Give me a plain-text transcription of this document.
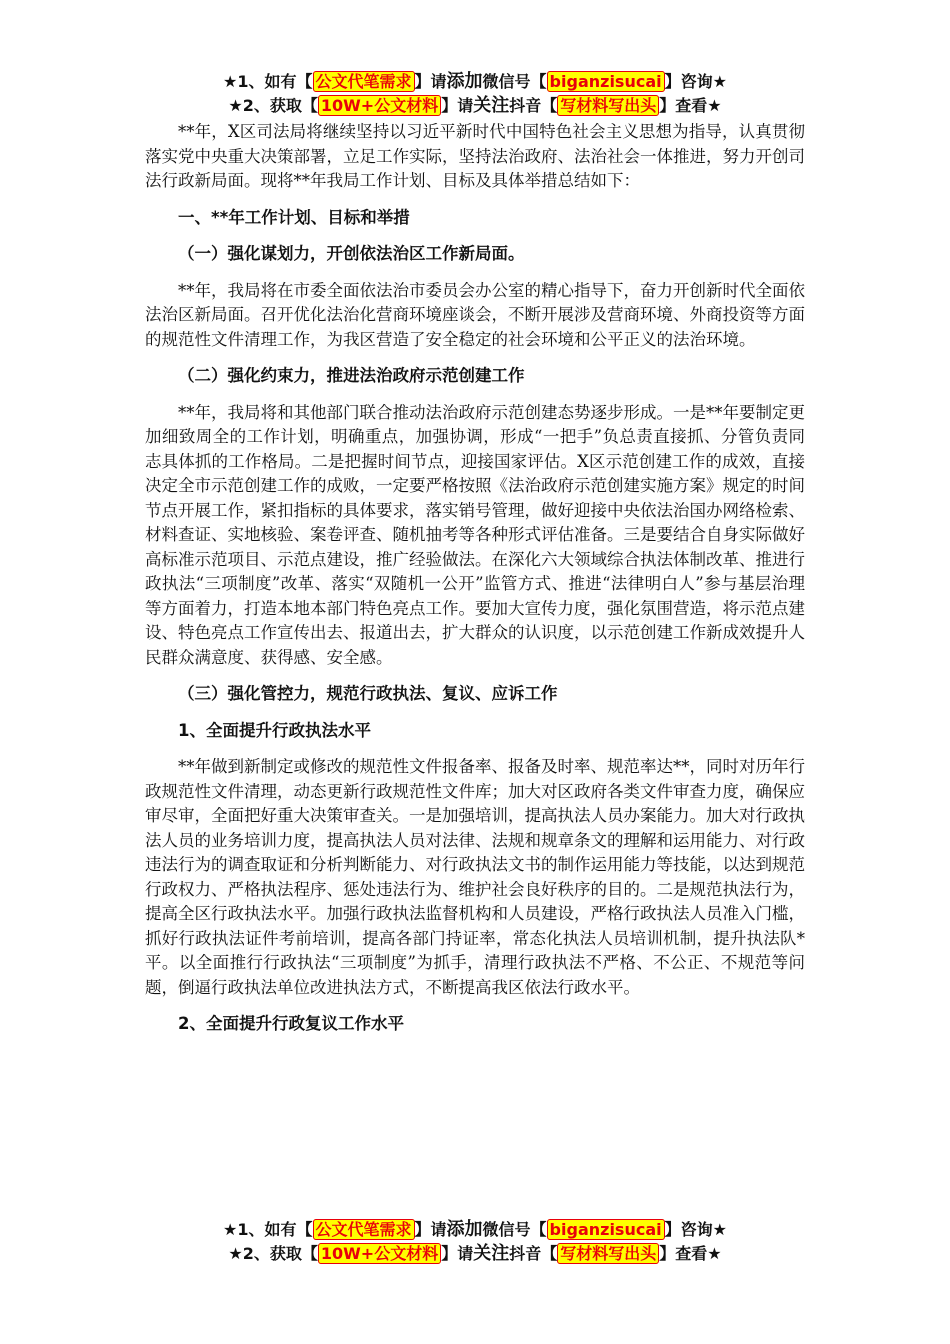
★1、如有【 公文代笔需求 】请添加微信号【 biganzisucai 】咨询★
★2、获取【 10W+公文材料 】请关注抖音【 写材料写出头 】查看★

**年，X区司法局将继续坚持以习近平新时代中国特色社会主义思想为指导，认真贯彻落实党中央重大决策部署，立足工作实际，坚持法治政府、法治社会一体推进，努力开创司法行政新局面。现将**年我局工作计划、目标及具体举措总结如下：

一、**年工作计划、目标和举措
（一）强化谋划力，开创依法治区工作新局面。

**年，我局将在市委全面依法治市委员会办公室的精心指导下，奋力开创新时代全面依法治区新局面。召开优化法治化营商环境座谈会，不断开展涉及营商环境、外商投资等方面的规范性文件清理工作，为我区营造了安全稳定的社会环境和公平正义的法治环境。

（二）强化约束力，推进法治政府示范创建工作

**年，我局将和其他部门联合推动法治政府示范创建态势逐步形成。一是**年要制定更加细致周全的工作计划，明确重点，加强协调，形成“一把手”负总责直接抓、分管负责同志具体抓的工作格局。二是把握时间节点，迎接国家评估。X区示范创建工作的成效，直接决定全市示范创建工作的成败，一定要严格按照《法治政府示范创建实施方案》规定的时间节点开展工作，紧扣指标的具体要求，落实销号管理，做好迎接中央依法治国办网络检索、材料查证、实地核验、案卷评查、随机抽考等各种形式评估准备。三是要结合自身实际做好高标准示范项目、示范点建设，推广经验做法。在深化六大领域综合执法体制改革、推进行政执法“三项制度”改革、落实“双随机一公开”监管方式、推进“法律明白人”参与基层治理等方面着力，打造本地本部门特色亮点工作。要加大宣传力度，强化氛围营造，将示范点建设、特色亮点工作宣传出去、报道出去，扩大群众的认识度，以示范创建工作新成效提升人民群众满意度、获得感、安全感。

（三）强化管控力，规范行政执法、复议、应诉工作
1、全面提升行政执法水平

**年做到新制定或修改的规范性文件报备率、报备及时率、规范率达**，同时对历年行政规范性文件清理，动态更新行政规范性文件库；加大对区政府各类文件审查力度，确保应审尽审，全面把好重大决策审查关。一是加强培训，提高执法人员办案能力。加大对行政执法人员的业务培训力度，提高执法人员对法律、法规和规章条文的理解和运用能力、对行政违法行为的调查取证和分析判断能力、对行政执法文书的制作运用能力等技能，以达到规范行政权力、严格执法程序、惩处违法行为、维护社会良好秩序的目的。二是规范执法行为，提高全区行政执法水平。加强行政执法监督机构和人员建设，严格行政执法人员准入门槛，抓好行政执法证件考前培训，提高各部门持证率，常态化执法人员培训机制，提升执法队*平。以全面推行行政执法“三项制度”为抓手，清理行政执法不严格、不公正、不规范等问题，倒逼行政执法单位改进执法方式，不断提高我区依法行政水平。

2、全面提升行政复议工作水平
★1、如有【 公文代笔需求 】请添加微信号【 biganzisucai 】咨询★
★2、获取【 10W+公文材料 】请关注抖音【 写材料写出头 】查看★
